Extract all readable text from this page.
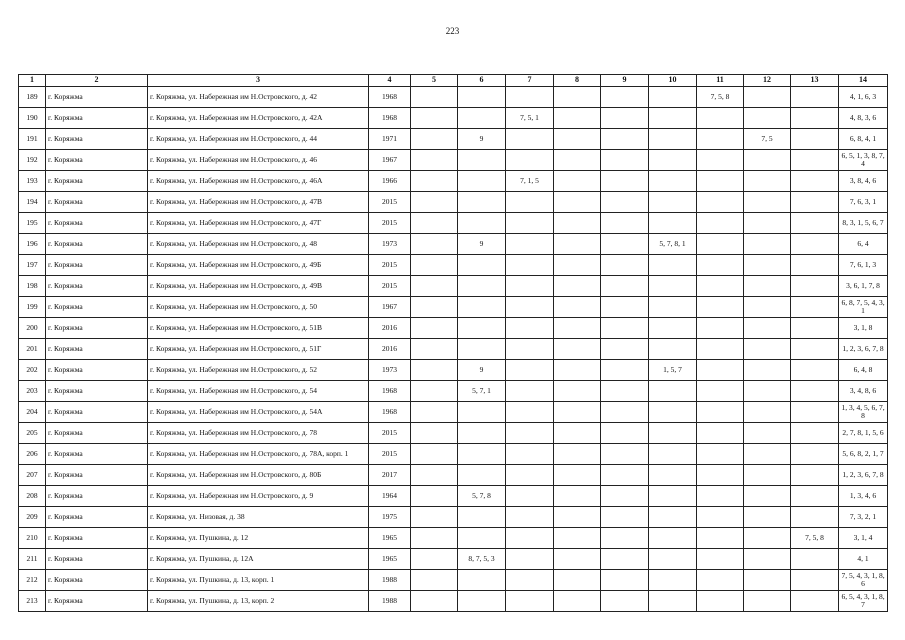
223
1	2	3	4	5	6	7	8	9	10	11	12	13	14
189	г. Коряжма	г. Коряжма, ул. Набережная им Н.Островского, д. 42	1968							7, 5, 8			4, 1, 6, 3
190	г. Коряжма	г. Коряжма, ул. Набережная им Н.Островского, д. 42А	1968			7, 5, 1							4, 8, 3, 6
191	г. Коряжма	г. Коряжма, ул. Набережная им Н.Островского, д. 44	1971		9						7, 5		6, 8, 4, 1
192	г. Коряжма	г. Коряжма, ул. Набережная им Н.Островского, д. 46	1967										6, 5, 1, 3, 8, 7, 4
193	г. Коряжма	г. Коряжма, ул. Набережная им Н.Островского, д. 46А	1966			7, 1, 5							3, 8, 4, 6
194	г. Коряжма	г. Коряжма, ул. Набережная им Н.Островского, д. 47В	2015										7, 6, 3, 1
195	г. Коряжма	г. Коряжма, ул. Набережная им Н.Островского, д. 47Г	2015										8, 3, 1, 5, 6, 7
196	г. Коряжма	г. Коряжма, ул. Набережная им Н.Островского, д. 48	1973		9				5, 7, 8, 1				6, 4
197	г. Коряжма	г. Коряжма, ул. Набережная им Н.Островского, д. 49Б	2015										7, 6, 1, 3
198	г. Коряжма	г. Коряжма, ул. Набережная им Н.Островского, д. 49В	2015										3, 6, 1, 7, 8
199	г. Коряжма	г. Коряжма, ул. Набережная им Н.Островского, д. 50	1967										6, 8, 7, 5, 4, 3, 1
200	г. Коряжма	г. Коряжма, ул. Набережная им Н.Островского, д. 51В	2016										3, 1, 8
201	г. Коряжма	г. Коряжма, ул. Набережная им Н.Островского, д. 51Г	2016										1, 2, 3, 6, 7, 8
202	г. Коряжма	г. Коряжма, ул. Набережная им Н.Островского, д. 52	1973		9				1, 5, 7				6, 4, 8
203	г. Коряжма	г. Коряжма, ул. Набережная им Н.Островского, д. 54	1968		5, 7, 1								3, 4, 8, 6
204	г. Коряжма	г. Коряжма, ул. Набережная им Н.Островского, д. 54А	1968										1, 3, 4, 5, 6, 7, 8
205	г. Коряжма	г. Коряжма, ул. Набережная им Н.Островского, д. 78	2015										2, 7, 8, 1, 5, 6
206	г. Коряжма	г. Коряжма, ул. Набережная им Н.Островского, д. 78А, корп. 1	2015										5, 6, 8, 2, 1, 7
207	г. Коряжма	г. Коряжма, ул. Набережная им Н.Островского, д. 80Б	2017										1, 2, 3, 6, 7, 8
208	г. Коряжма	г. Коряжма, ул. Набережная им Н.Островского, д. 9	1964		5, 7, 8								1, 3, 4, 6
209	г. Коряжма	г. Коряжма, ул. Низовая, д. 38	1975										7, 3, 2, 1
210	г. Коряжма	г. Коряжма, ул. Пушкина, д. 12	1965									7, 5, 8	3, 1, 4
211	г. Коряжма	г. Коряжма, ул. Пушкина, д. 12А	1965		8, 7, 5, 3								4, 1
212	г. Коряжма	г. Коряжма, ул. Пушкина, д. 13, корп. 1	1988										7, 5, 4, 3, 1, 8, 6
213	г. Коряжма	г. Коряжма, ул. Пушкина, д. 13, корп. 2	1988										6, 5, 4, 3, 1, 8, 7
